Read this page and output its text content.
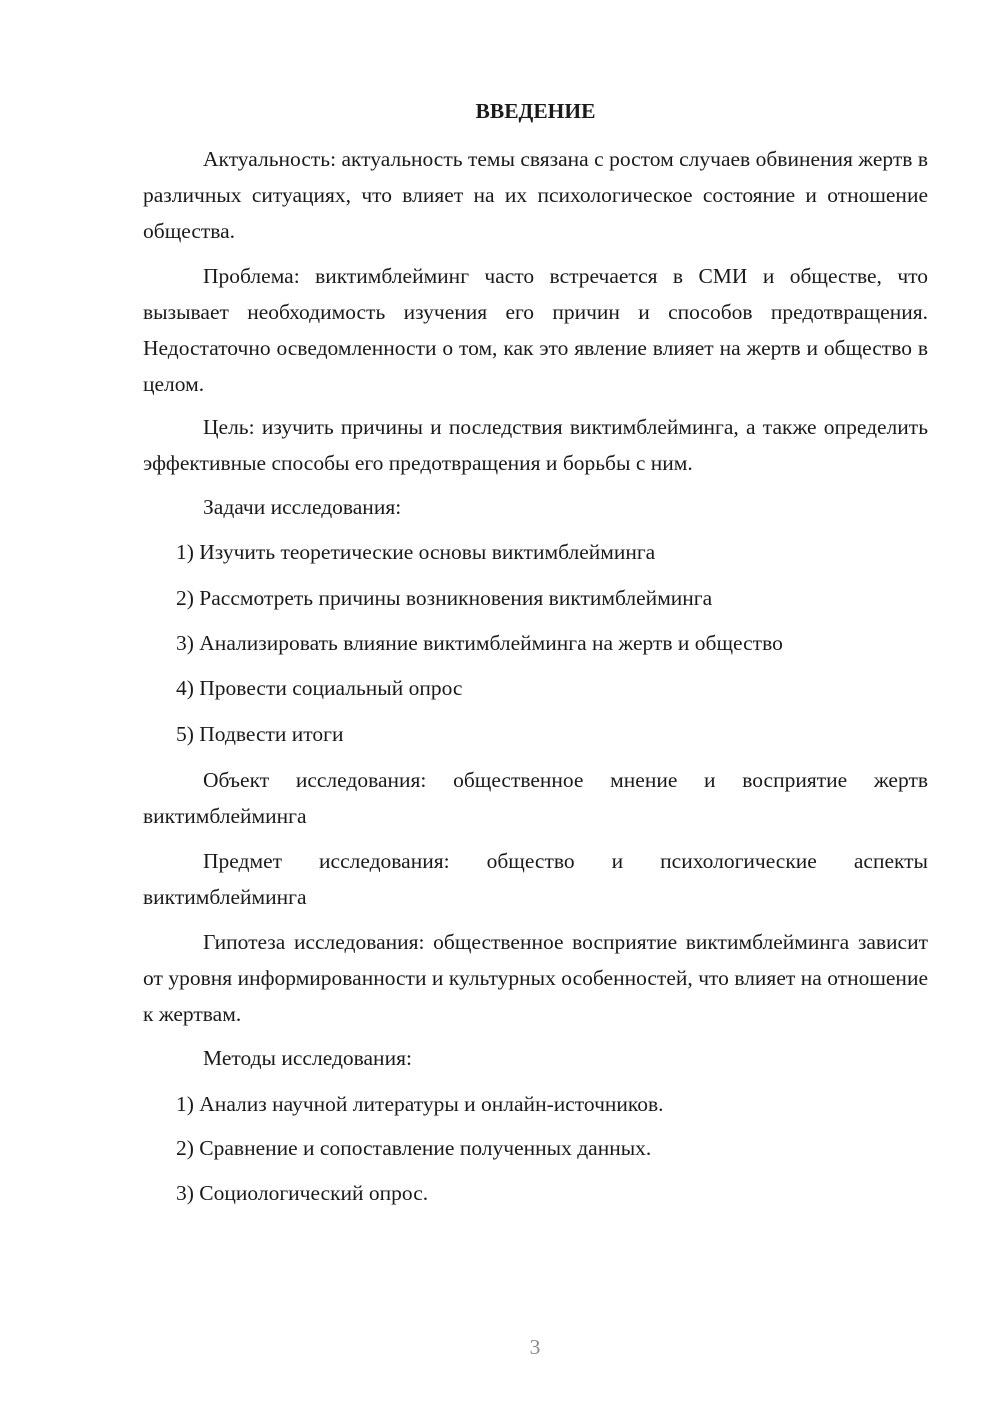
ВВЕДЕНИЕ

Актуальность: актуальность темы связана с ростом случаев обвинения жертв в различных ситуациях, что влияет на их психологическое состояние и отношение общества.

Проблема: виктимблейминг часто встречается в СМИ и обществе, что вызывает необходимость изучения его причин и способов предотвращения. Недостаточно осведомленности о том, как это явление влияет на жертв и общество в целом.

Цель: изучить причины и последствия виктимблейминга, а также определить эффективные способы его предотвращения и борьбы с ним.

Задачи исследования:

1) Изучить теоретические основы виктимблейминга

2) Рассмотреть причины возникновения виктимблейминга

3) Анализировать влияние виктимблейминга на жертв и общество

4) Провести социальный опрос

5) Подвести итоги

Объект исследования: общественное мнение и восприятие жертв виктимблейминга

Предмет исследования: общество и психологические аспекты виктимблейминга

Гипотеза исследования: общественное восприятие виктимблейминга зависит от уровня информированности и культурных особенностей, что влияет на отношение к жертвам.

Методы исследования:

1) Анализ научной литературы и онлайн-источников.

2) Сравнение и сопоставление полученных данных.

3) Социологический опрос.

3
